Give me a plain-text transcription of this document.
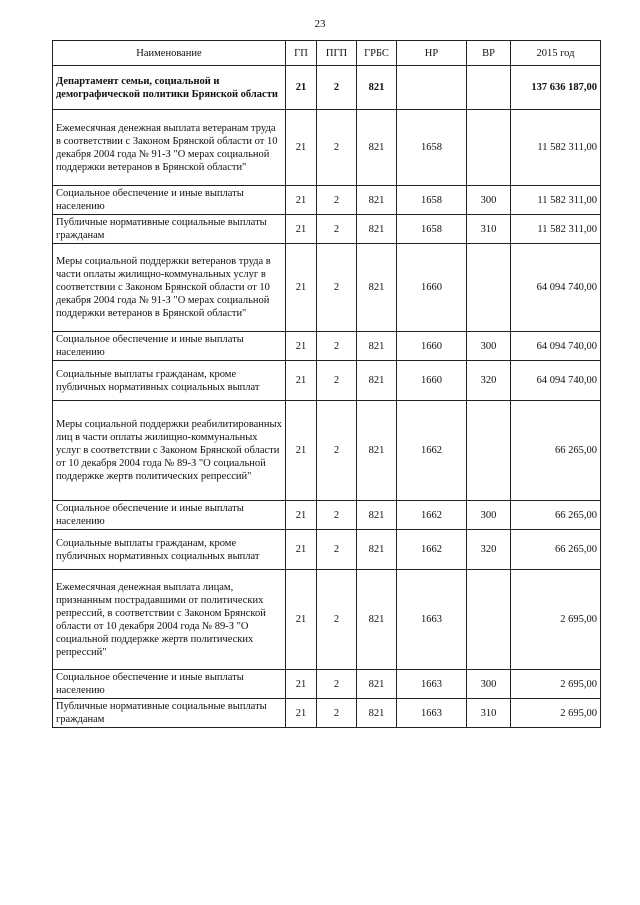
23
Наименование	ГП	ПГП	ГРБС	НР	ВР	2015 год
Департамент семьи, социальной и демографической политики Брянской области	21	2	821			137 636 187,00
Ежемесячная денежная выплата ветеранам труда в соответствии с Законом Брянской области от 10 декабря 2004 года № 91-З "О мерах социальной поддержки ветеранов в Брянской области"	21	2	821	1658		11 582 311,00
Социальное обеспечение и иные выплаты населению	21	2	821	1658	300	11 582 311,00
Публичные нормативные социальные выплаты гражданам	21	2	821	1658	310	11 582 311,00
Меры социальной поддержки ветеранов труда в части оплаты жилищно-коммунальных услуг в соответствии с Законом Брянской области от 10 декабря 2004 года № 91-З "О мерах социальной поддержки ветеранов в Брянской области"	21	2	821	1660		64 094 740,00
Социальное обеспечение и иные выплаты населению	21	2	821	1660	300	64 094 740,00
Социальные выплаты гражданам, кроме публичных нормативных социальных выплат	21	2	821	1660	320	64 094 740,00
Меры социальной поддержки реабилитированных лиц в части оплаты жилищно-коммунальных услуг в соответствии с Законом Брянской области от 10 декабря 2004 года № 89-З "О социальной поддержке жертв политических репрессий"	21	2	821	1662		66 265,00
Социальное обеспечение и иные выплаты населению	21	2	821	1662	300	66 265,00
Социальные выплаты гражданам, кроме публичных нормативных социальных выплат	21	2	821	1662	320	66 265,00
Ежемесячная денежная выплата лицам, признанным пострадавшими от политических репрессий, в соответствии с Законом Брянской области от 10 декабря 2004 года № 89-З "О социальной поддержке жертв политических репрессий"	21	2	821	1663		2 695,00
Социальное обеспечение и иные выплаты населению	21	2	821	1663	300	2 695,00
Публичные нормативные социальные выплаты гражданам	21	2	821	1663	310	2 695,00
